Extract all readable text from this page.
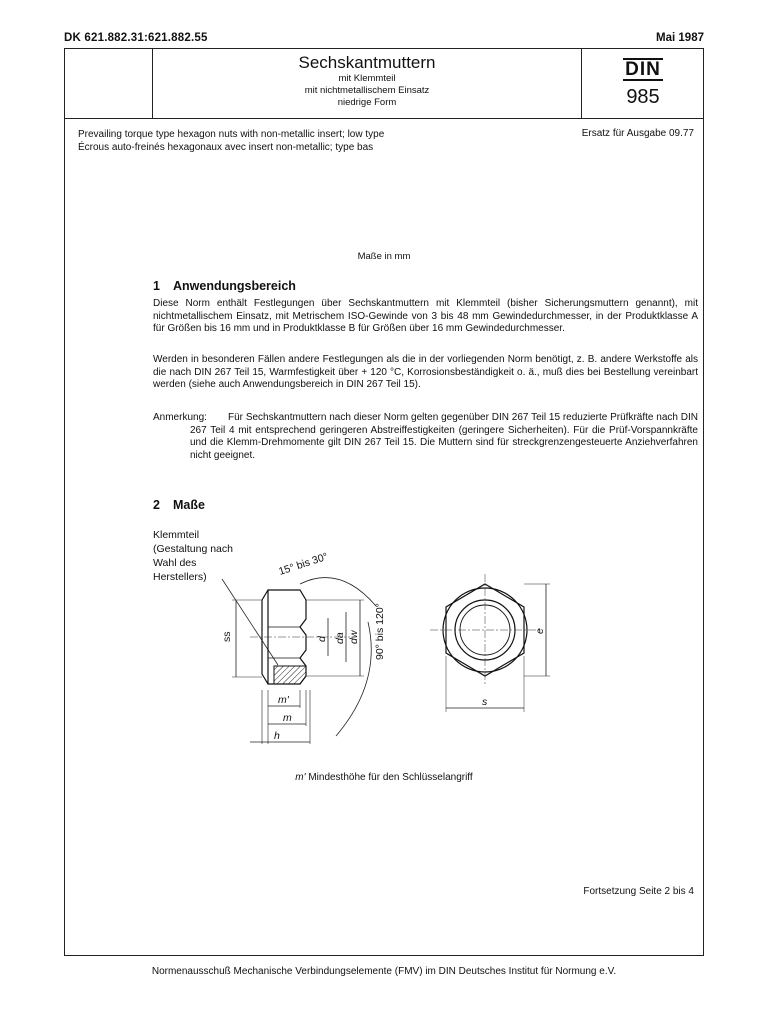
DK 621.882.31:621.882.55	Mai 1987
Sechskantmuttern
mit Klemmteil
mit nichtmetallischem Einsatz
niedrige Form
DIN
985
Prevailing torque type hexagon nuts with non-metallic insert; low type
Écrous auto-freinés hexagonaux avec insert non-metallic; type bas
Ersatz für Ausgabe 09.77
Maße in mm
1 Anwendungsbereich
Diese Norm enthält Festlegungen über Sechskantmuttern mit Klemmteil (bisher Sicherungsmuttern genannt), mit nichtmetallischem Einsatz, mit Metrischem ISO-Gewinde von 3 bis 48 mm Gewindedurchmesser, in der Produktklasse A für Größen bis 16 mm und in Produktklasse B für Größen über 16 mm Gewindedurchmesser.
Werden in besonderen Fällen andere Festlegungen als die in der vorliegenden Norm benötigt, z. B. andere Werkstoffe als die nach DIN 267 Teil 15, Warmfestigkeit über + 120 °C, Korrosionsbeständigkeit o. ä., muß dies bei Bestellung vereinbart werden (siehe auch Anwendungsbereich in DIN 267 Teil 15).
Anmerkung:	Für Sechskantmuttern nach dieser Norm gelten gegenüber DIN 267 Teil 15 reduzierte Prüfkräfte nach DIN 267 Teil 4 mit entsprechend geringeren Abstreiffestigkeiten (geringere Sicherheiten). Für die Prüf-Vorspannkräfte und die Klemm-Drehmomente gilt DIN 267 Teil 15. Die Muttern sind für streckgrenzengesteuerte Anziehverfahren nicht geeignet.
2 Maße
Klemmteil
(Gestaltung nach
Wahl des
Herstellers)
ss	d da dw
15° bis 30°
90° bis 120°
m'
m
h
e
s
m' Mindesthöhe für den Schlüsselangriff
Fortsetzung Seite 2 bis 4
Normenausschuß Mechanische Verbindungselemente (FMV) im DIN Deutsches Institut für Normung e.V.
